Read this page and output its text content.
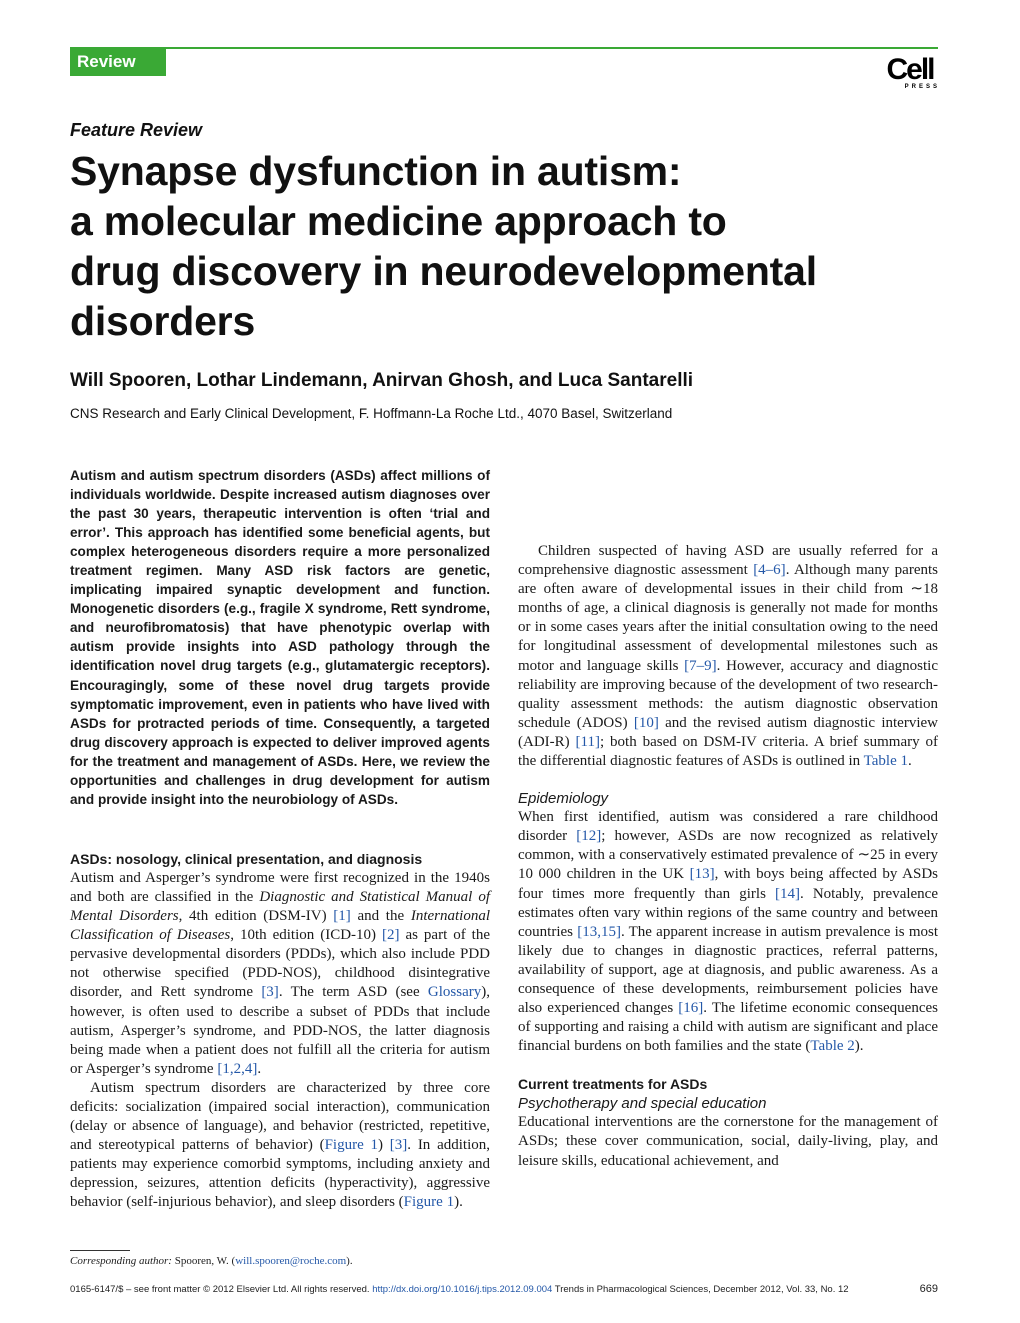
Review	Cell
PRESS
Feature Review
Synapse dysfunction in autism:
a molecular medicine approach to
drug discovery in neurodevelopmental
disorders
Will Spooren, Lothar Lindemann, Anirvan Ghosh, and Luca Santarelli
CNS Research and Early Clinical Development, F. Hoffmann-La Roche Ltd., 4070 Basel, Switzerland

Autism and autism spectrum disorders (ASDs) affect millions of individuals worldwide. Despite increased autism diagnoses over the past 30 years, therapeutic intervention is often ‘trial and error’. This approach has identified some beneficial agents, but complex heterogeneous disorders require a more personalized treatment regimen. Many ASD risk factors are genetic, implicating impaired synaptic development and function. Monogenetic disorders (e.g., fragile X syndrome, Rett syndrome, and neurofibromatosis) that have phenotypic overlap with autism provide insights into ASD pathology through the identification novel drug targets (e.g., glutamatergic receptors). Encouragingly, some of these novel drug targets provide symptomatic improvement, even in patients who have lived with ASDs for protracted periods of time. Consequently, a targeted drug discovery approach is expected to deliver improved agents for the treatment and management of ASDs. Here, we review the opportunities and challenges in drug development for autism and provide insight into the neurobiology of ASDs.

ASDs: nosology, clinical presentation, and diagnosis

Autism and Asperger’s syndrome were first recognized in the 1940s and both are classified in the Diagnostic and Statistical Manual of Mental Disorders, 4th edition (DSM-IV) [1] and the International Classification of Diseases, 10th edition (ICD-10) [2] as part of the pervasive developmental disorders (PDDs), which also include PDD not otherwise specified (PDD-NOS), childhood disintegrative disorder, and Rett syndrome [3]. The term ASD (see Glossary), however, is often used to describe a subset of PDDs that include autism, Asperger’s syndrome, and PDD-NOS, the latter diagnosis being made when a patient does not fulfill all the criteria for autism or Asperger’s syndrome [1,2,4].

Autism spectrum disorders are characterized by three core deficits: socialization (impaired social interaction), communication (delay or absence of language), and behavior (restricted, repetitive, and stereotypical patterns of behavior) (Figure 1) [3]. In addition, patients may experience comorbid symptoms, including anxiety and depression, seizures, attention deficits (hyperactivity), aggressive behavior (self-injurious behavior), and sleep disorders (Figure 1).

Children suspected of having ASD are usually referred for a comprehensive diagnostic assessment [4–6]. Although many parents are often aware of developmental issues in their child from ∼18 months of age, a clinical diagnosis is generally not made for months or in some cases years after the initial consultation owing to the need for longitudinal assessment of developmental milestones such as motor and language skills [7–9]. However, accuracy and diagnostic reliability are improving because of the development of two research-quality assessment methods: the autism diagnostic observation schedule (ADOS) [10] and the revised autism diagnostic interview (ADI-R) [11]; both based on DSM-IV criteria. A brief summary of the differential diagnostic features of ASDs is outlined in Table 1.

Epidemiology

When first identified, autism was considered a rare childhood disorder [12]; however, ASDs are now recognized as relatively common, with a conservatively estimated prevalence of ∼25 in every 10 000 children in the UK [13], with boys being affected by ASDs four times more frequently than girls [14]. Notably, prevalence estimates often vary within regions of the same country and between countries [13,15]. The apparent increase in autism prevalence is most likely due to changes in diagnostic practices, referral patterns, availability of support, age at diagnosis, and public awareness. As a consequence of these developments, reimbursement policies have also experienced changes [16]. The lifetime economic consequences of supporting and raising a child with autism are significant and place financial burdens on both families and the state (Table 2).

Current treatments for ASDs
Psychotherapy and special education

Educational interventions are the cornerstone for the management of ASDs; these cover communication, social, daily-living, play, and leisure skills, educational achievement, and

Corresponding author: Spooren, W. (will.spooren@roche.com).
0165-6147/$ – see front matter © 2012 Elsevier Ltd. All rights reserved. http://dx.doi.org/10.1016/j.tips.2012.09.004 Trends in Pharmacological Sciences, December 2012, Vol. 33, No. 12	669
